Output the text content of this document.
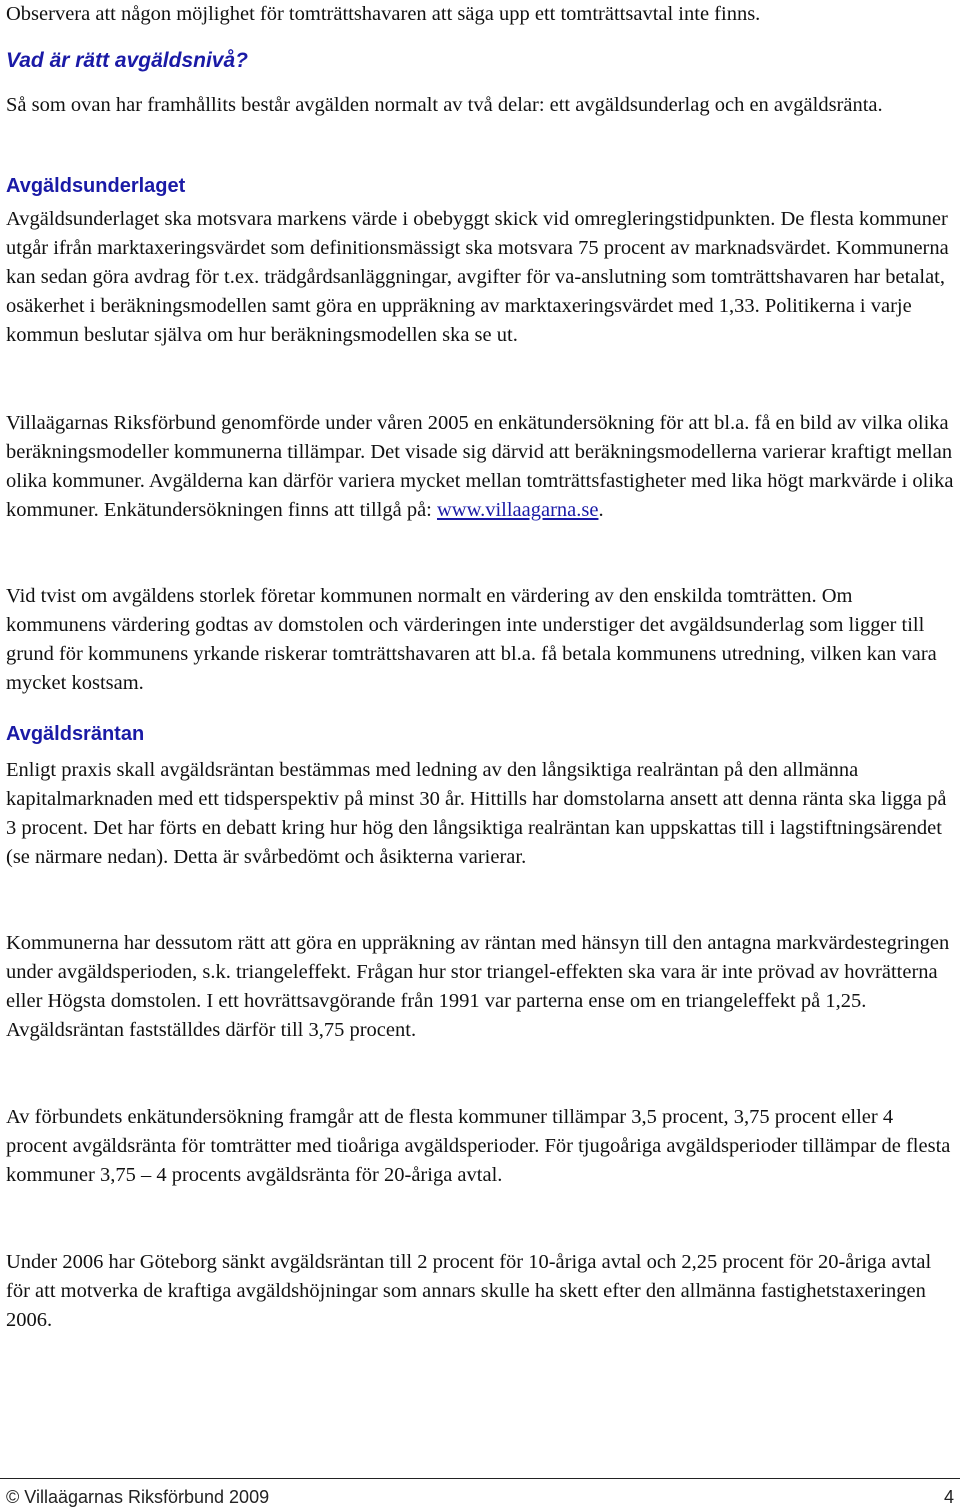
Observera att någon möjlighet för tomträttshavaren att säga upp ett tomträttsavtal inte finns.

Vad är rätt avgäldsnivå?

Så som ovan har framhållits består avgälden normalt av två delar: ett avgäldsunderlag och en avgäldsränta.

Avgäldsunderlaget

Avgäldsunderlaget ska motsvara markens värde i obebyggt skick vid omregleringstidpunkten. De flesta kommuner utgår ifrån marktaxeringsvärdet som definitionsmässigt ska motsvara 75 procent av marknadsvärdet. Kommunerna kan sedan göra avdrag för t.ex. trädgårdsanläggningar, avgifter för va-anslutning som tomträttshavaren har betalat, osäkerhet i beräkningsmodellen samt göra en uppräkning av marktaxeringsvärdet med 1,33. Politikerna i varje kommun beslutar själva om hur beräkningsmodellen ska se ut.

Villaägarnas Riksförbund genomförde under våren 2005 en enkätundersökning för att bl.a. få en bild av vilka olika beräkningsmodeller kommunerna tillämpar. Det visade sig därvid att beräkningsmodellerna varierar kraftigt mellan olika kommuner. Avgälderna kan därför variera mycket mellan tomträttsfastigheter med lika högt markvärde i olika kommuner. Enkätundersökningen finns att tillgå på: www.villaagarna.se.

Vid tvist om avgäldens storlek företar kommunen normalt en värdering av den enskilda tomträtten. Om kommunens värdering godtas av domstolen och värderingen inte understiger det avgäldsunderlag som ligger till grund för kommunens yrkande riskerar tomträttshavaren att bl.a. få betala kommunens utredning, vilken kan vara mycket kostsam.

Avgäldsräntan

Enligt praxis skall avgäldsräntan bestämmas med ledning av den långsiktiga realräntan på den allmänna kapitalmarknaden med ett tidsperspektiv på minst 30 år. Hittills har domstolarna ansett att denna ränta ska ligga på 3 procent. Det har förts en debatt kring hur hög den långsiktiga realräntan kan uppskattas till i lagstiftningsärendet (se närmare nedan). Detta är svårbedömt och åsikterna varierar.

Kommunerna har dessutom rätt att göra en uppräkning av räntan med hänsyn till den antagna markvärdestegringen under avgäldsperioden, s.k. triangeleffekt. Frågan hur stor triangel-effekten ska vara är inte prövad av hovrätterna eller Högsta domstolen. I ett hovrättsavgörande från 1991 var parterna ense om en triangeleffekt på 1,25. Avgäldsräntan fastställdes därför till 3,75 procent.

Av förbundets enkätundersökning framgår att de flesta kommuner tillämpar 3,5 procent, 3,75 procent eller 4 procent avgäldsränta för tomträtter med tioåriga avgäldsperioder. För tjugoåriga avgäldsperioder tillämpar de flesta kommuner 3,75 – 4 procents avgäldsränta för 20-åriga avtal.

Under 2006 har Göteborg sänkt avgäldsräntan till 2 procent för 10-åriga avtal och 2,25 procent för 20-åriga avtal för att motverka de kraftiga avgäldshöjningar som annars skulle ha skett efter den allmänna fastighetstaxeringen 2006.

© Villaägarnas Riksförbund 2009	4
